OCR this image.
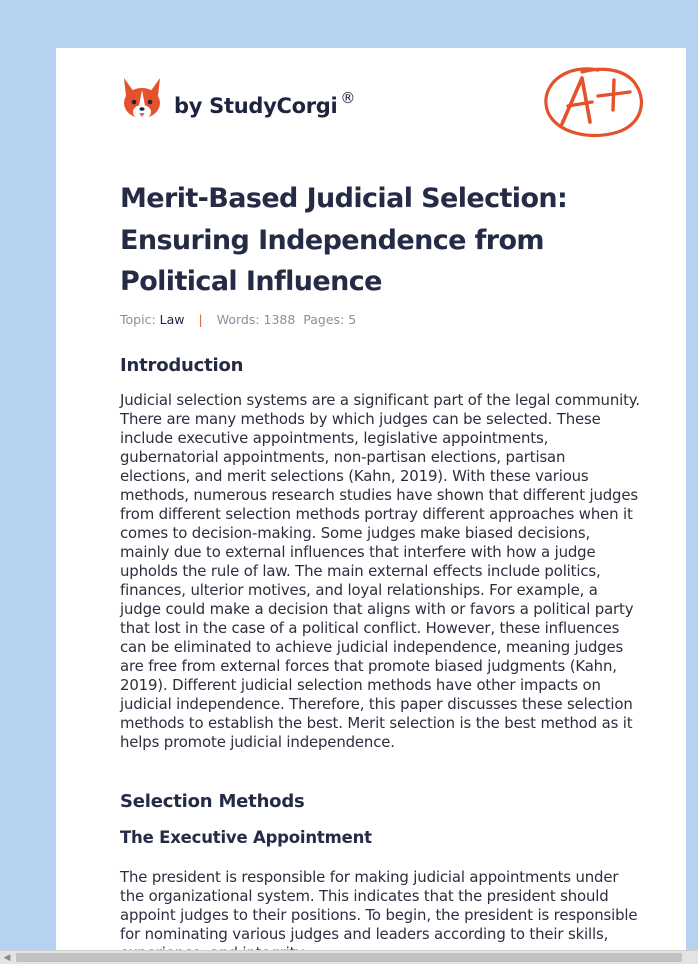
by StudyCorgi ®
Merit-Based Judicial Selection: Ensuring Independence from Political Influence
Topic: Law | Words: 1388 Pages: 5
Introduction

Judicial selection systems are a significant part of the legal community. There are many methods by which judges can be selected. These include executive appointments, legislative appointments, gubernatorial appointments, non-partisan elections, partisan elections, and merit selections (Kahn, 2019). With these various methods, numerous research studies have shown that different judges from different selection methods portray different approaches when it comes to decision-making. Some judges make biased decisions, mainly due to external influences that interfere with how a judge upholds the rule of law. The main external effects include politics, finances, ulterior motives, and loyal relationships. For example, a judge could make a decision that aligns with or favors a political party that lost in the case of a political conflict. However, these influences can be eliminated to achieve judicial independence, meaning judges are free from external forces that promote biased judgments (Kahn, 2019). Different judicial selection methods have other impacts on judicial independence. Therefore, this paper discusses these selection methods to establish the best. Merit selection is the best method as it helps promote judicial independence.

Selection Methods
The Executive Appointment

The president is responsible for making judicial appointments under the organizational system. This indicates that the president should appoint judges to their positions. To begin, the president is responsible for nominating various judges and leaders according to their skills,

◀
